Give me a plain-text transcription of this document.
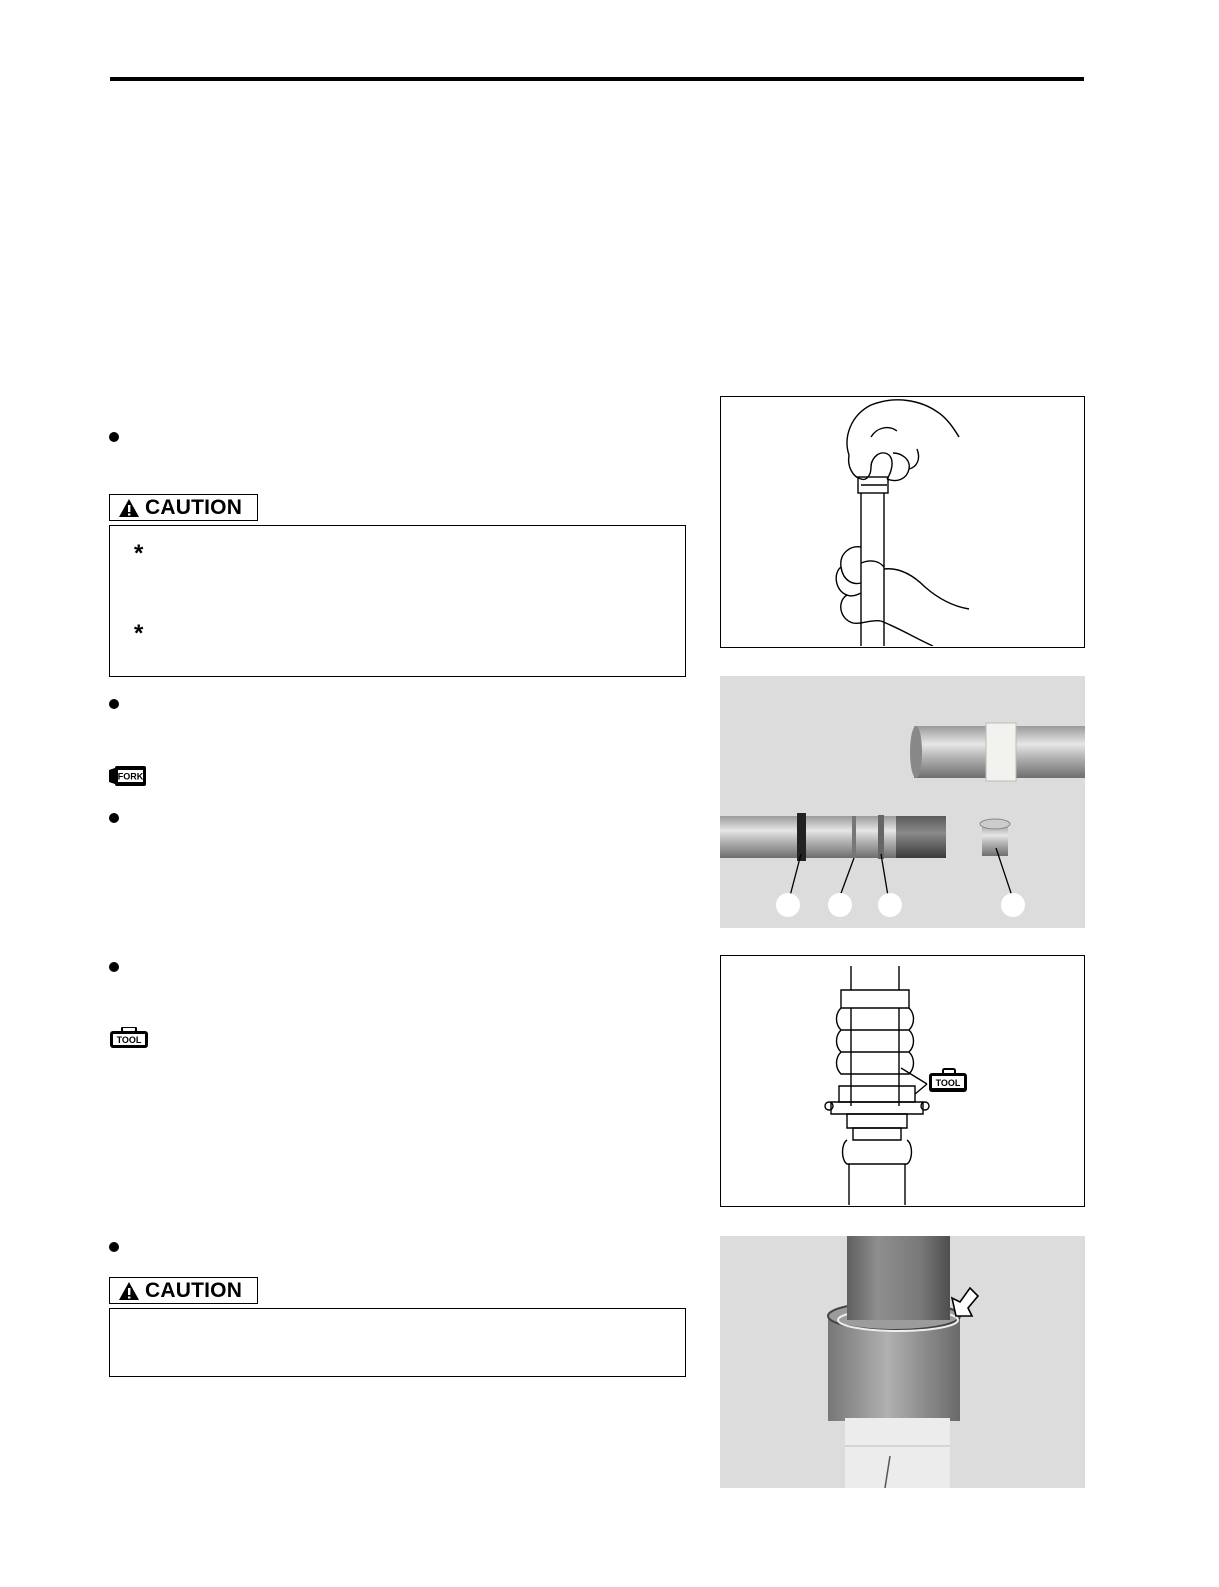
CAUTION
*
*
FORK
TOOL
CAUTION
TOOL
